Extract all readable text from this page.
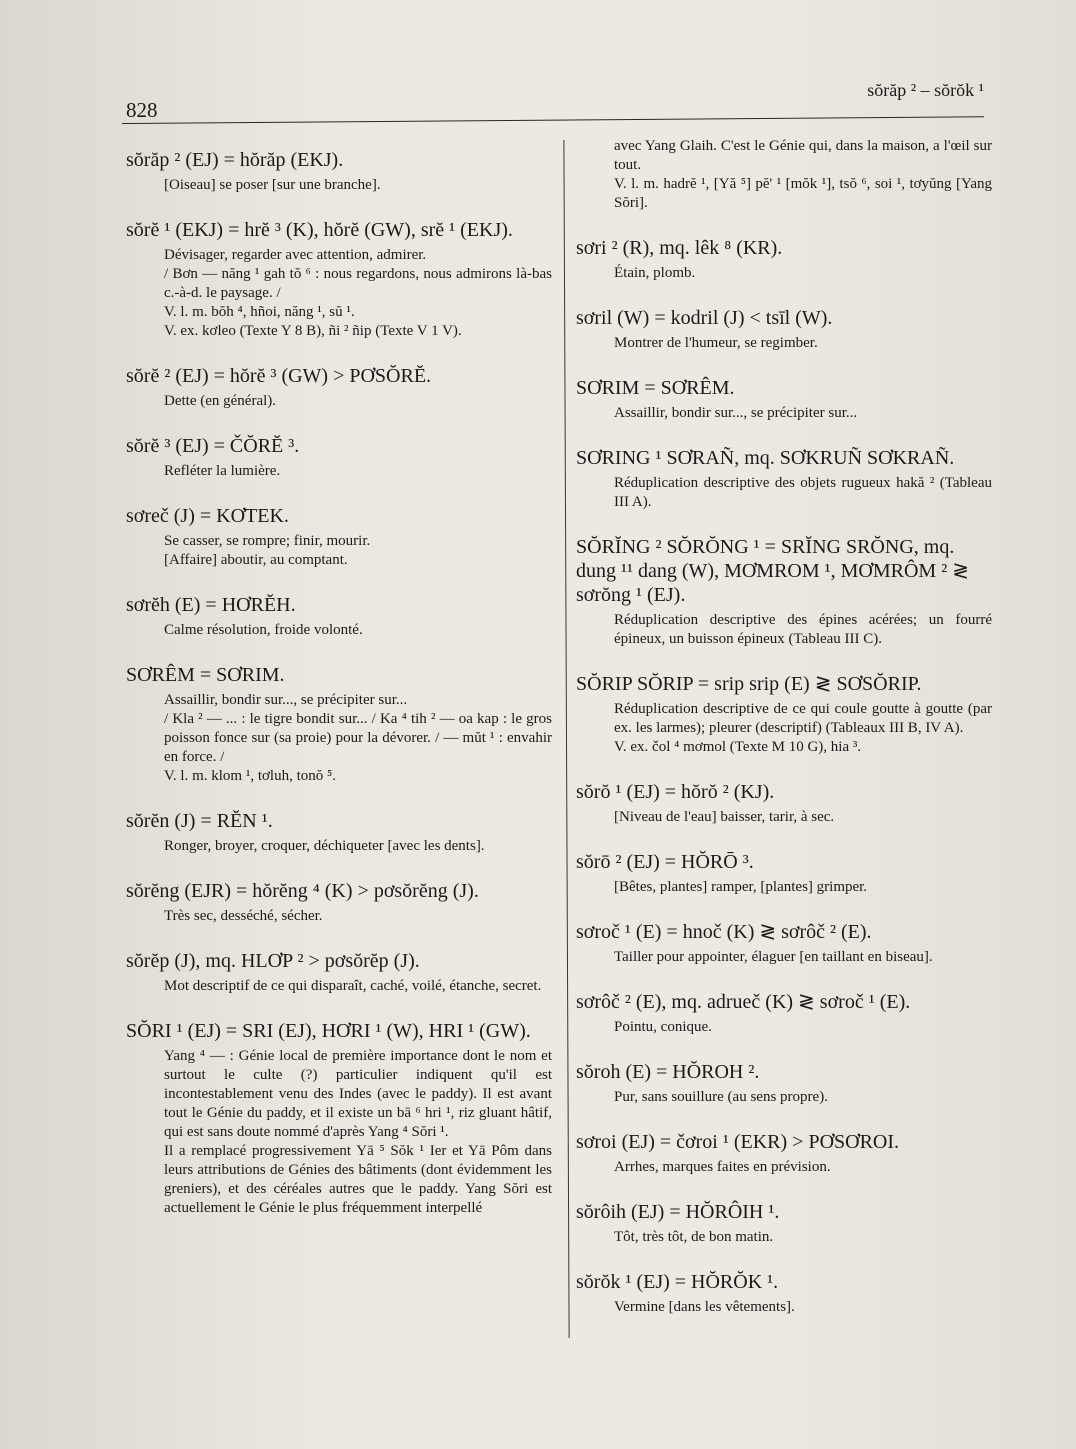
828
sŏrăp ² – sŏrŏk ¹

sŏrăp ² (EJ) = hŏrăp (EKJ).

[Oiseau] se poser [sur une branche].

sŏrĕ ¹ (EKJ) = hrĕ ³ (K), hŏrĕ (GW), srĕ ¹ (EKJ).

Dévisager, regarder avec attention, admirer.

/ Bơn — năng ¹ gah tŏ ⁶ : nous regardons, nous admirons là-bas c.-à-d. le paysage. /

V. l. m. bŏh ⁴, hñoi, năng ¹, sŭ ¹.

V. ex. kơleo (Texte Y 8 B), ñi ² ñip (Texte V 1 V).

sŏrĕ ² (EJ) = hŏrĕ ³ (GW) > PƠSŎRĔ.

Dette (en général).

sŏrĕ ³ (EJ) = ČŎRĔ ³.

Refléter la lumière.

sơreč (J) = KƠTEK.

Se casser, se rompre; finir, mourir.

[Affaire] aboutir, au comptant.

sơrĕh (E) = HƠRĔH.

Calme résolution, froide volonté.

SƠRÊM = SƠRIM.

Assaillir, bondir sur..., se précipiter sur...

/ Kla ² — ... : le tigre bondit sur... / Ka ⁴ tih ² — oa kap : le gros poisson fonce sur (sa proie) pour la dévorer. / — mŭt ¹ : envahir en force. /

V. l. m. klom ¹, tơluh, tonŏ ⁵.

sŏrĕn (J) = RĔN ¹.

Ronger, broyer, croquer, déchiqueter [avec les dents].

sŏrĕng (EJR) = hŏrĕng ⁴ (K) > pơsŏrĕng (J).

Très sec, desséché, sécher.

sŏrĕp (J), mq. HLƠP ² > pơsŏrĕp (J).

Mot descriptif de ce qui disparaît, caché, voilé, étanche, secret.

SŎRI ¹ (EJ) = SRI (EJ), HƠRI ¹ (W), HRI ¹ (GW).

Yang ⁴ — : Génie local de première importance dont le nom et surtout le culte (?) particulier indiquent qu'il est incontestablement venu des Indes (avec le paddy). Il est avant tout le Génie du paddy, et il existe un bā ⁶ hri ¹, riz gluant hâtif, qui est sans doute nommé d'après Yang ⁴ Sŏri ¹.

Il a remplacé progressivement Yā ⁵ Sŏk ¹ Ier et Yā Pôm dans leurs attributions de Génies des bâtiments (dont évidemment les greniers), et des céréales autres que le paddy. Yang Sŏri est actuellement le Génie le plus fréquemment interpellé

avec Yang Glaih. C'est le Génie qui, dans la maison, a l'œil sur tout.

V. l. m. hadrĕ ¹, [Yă ⁵] pĕ' ¹ [mŏk ¹], tsŏ ⁶, soi ¹, tơyŭng [Yang Sŏri].

sơri ² (R), mq. lêk ⁸ (KR).

Étain, plomb.

sơril (W) = kodril (J) < tsīl (W).

Montrer de l'humeur, se regimber.

SƠRIM = SƠRÊM.

Assaillir, bondir sur..., se précipiter sur...

SƠRING ¹ SƠRAÑ, mq. SƠKRUÑ SƠKRAÑ.

Réduplication descriptive des objets rugueux hakă ² (Tableau III A).

SŎRĬNG ² SŎRŎNG ¹ = SRĬNG SRŎNG, mq. dung ¹¹ dang (W), MƠMROM ¹, MƠMRÔM ² ≷ sơrŏng ¹ (EJ).

Réduplication descriptive des épines acérées; un fourré épineux, un buisson épineux (Tableau III C).

SŎRIP SŎRIP = srip srip (E) ≷ SƠSŎRIP.

Réduplication descriptive de ce qui coule goutte à goutte (par ex. les larmes); pleurer (descriptif) (Tableaux III B, IV A).

V. ex. čol ⁴ mơmol (Texte M 10 G), hia ³.

sŏrŏ ¹ (EJ) = hŏrŏ ² (KJ).

[Niveau de l'eau] baisser, tarir, à sec.

sŏrō ² (EJ) = HŎRŌ ³.

[Bêtes, plantes] ramper, [plantes] grimper.

sơroč ¹ (E) = hnoč (K) ≷ sơrôč ² (E).

Tailler pour appointer, élaguer [en taillant en biseau].

sơrôč ² (E), mq. adrueč (K) ≷ sơroč ¹ (E).

Pointu, conique.

sŏroh (E) = HŎROH ².

Pur, sans souillure (au sens propre).

sơroi (EJ) = čơroi ¹ (EKR) > PƠSƠROI.

Arrhes, marques faites en prévision.

sŏrôih (EJ) = HŎRÔIH ¹.

Tôt, très tôt, de bon matin.

sŏrŏk ¹ (EJ) = HŎRŎK ¹.

Vermine [dans les vêtements].
